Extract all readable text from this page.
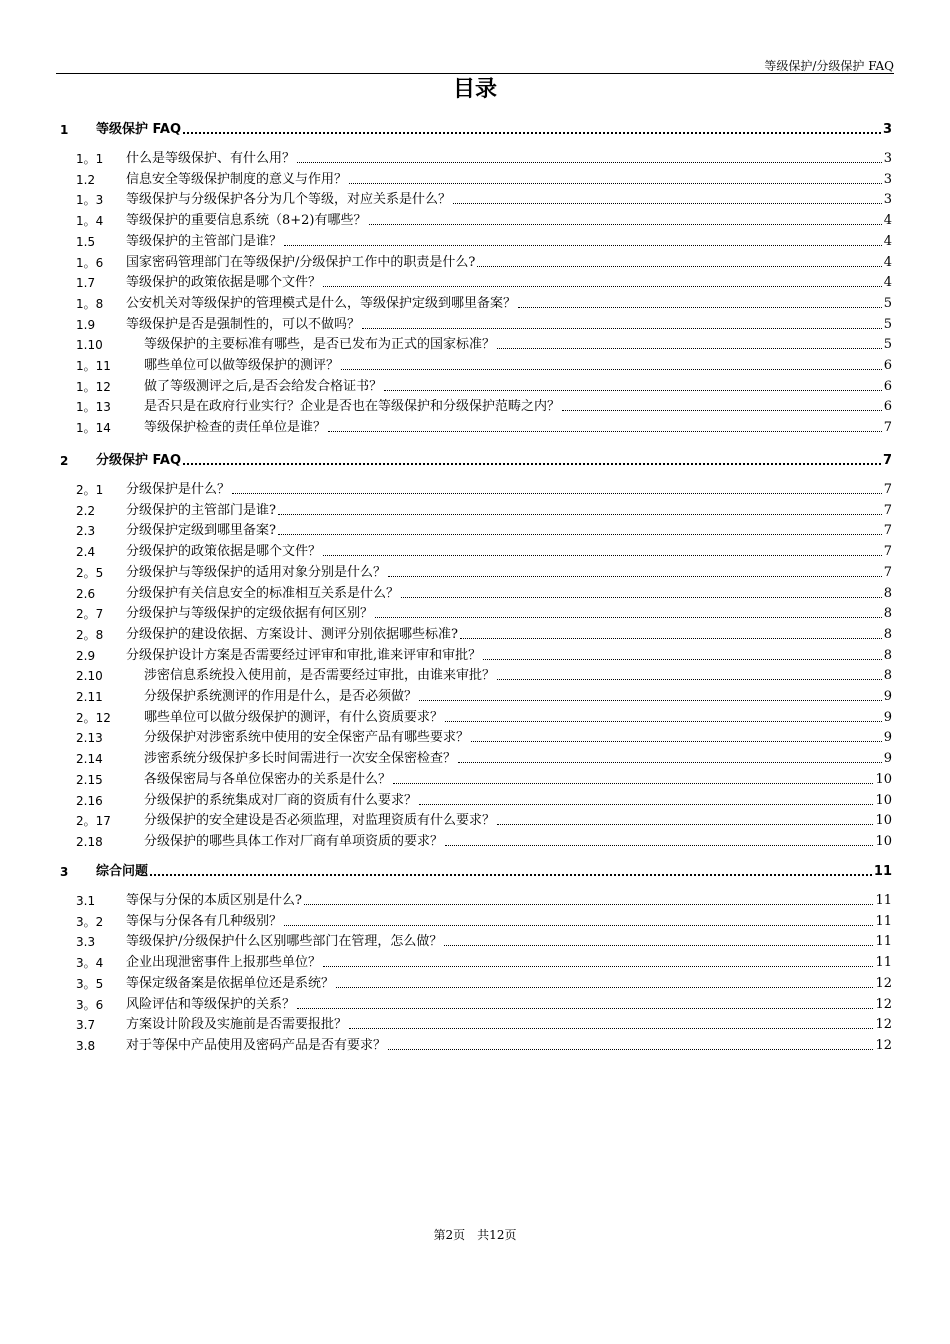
等级保护/分级保护 FAQ
目录
1	等级保护 FAQ	3
1。1	什么是等级保护、有什么用？	3
1.2	信息安全等级保护制度的意义与作用？	3
1。3	等级保护与分级保护各分为几个等级，对应关系是什么？	3
1。4	等级保护的重要信息系统（8+2)有哪些？	4
1.5	等级保护的主管部门是谁？	4
1。6	国家密码管理部门在等级保护/分级保护工作中的职责是什么?	4
1.7	等级保护的政策依据是哪个文件？	4
1。8	公安机关对等级保护的管理模式是什么，等级保护定级到哪里备案？	5
1.9	等级保护是否是强制性的，可以不做吗？	5
1.10	等级保护的主要标准有哪些，是否已发布为正式的国家标准？	5
1。11	哪些单位可以做等级保护的测评？	6
1。12	做了等级测评之后,是否会给发合格证书？	6
1。13	是否只是在政府行业实行？企业是否也在等级保护和分级保护范畴之内？	6
1。14	等级保护检查的责任单位是谁？	7
2	分级保护 FAQ	7
2。1	分级保护是什么？	7
2.2	分级保护的主管部门是谁?	7
2.3	分级保护定级到哪里备案?	7
2.4	分级保护的政策依据是哪个文件？	7
2。5	分级保护与等级保护的适用对象分别是什么？	7
2.6	分级保护有关信息安全的标准相互关系是什么？	8
2。7	分级保护与等级保护的定级依据有何区别？	8
2。8	分级保护的建设依据、方案设计、测评分别依据哪些标准?	8
2.9	分级保护设计方案是否需要经过评审和审批,谁来评审和审批？	8
2.10	涉密信息系统投入使用前，是否需要经过审批，由谁来审批？	8
2.11	分级保护系统测评的作用是什么，是否必须做？	9
2。12	哪些单位可以做分级保护的测评，有什么资质要求？	9
2.13	分级保护对涉密系统中使用的安全保密产品有哪些要求？	9
2.14	涉密系统分级保护多长时间需进行一次安全保密检查？	9
2.15	各级保密局与各单位保密办的关系是什么？	10
2.16	分级保护的系统集成对厂商的资质有什么要求？	10
2。17	分级保护的安全建设是否必须监理，对监理资质有什么要求？	10
2.18	分级保护的哪些具体工作对厂商有单项资质的要求？	10
3	综合问题	11
3.1	等保与分保的本质区别是什么?	11
3。2	等保与分保各有几种级别？	11
3.3	等级保护/分级保护什么区别哪些部门在管理，怎么做？	11
3。4	企业出现泄密事件上报那些单位？	11
3。5	等保定级备案是依据单位还是系统？	12
3。6	风险评估和等级保护的关系？	12
3.7	方案设计阶段及实施前是否需要报批？	12
3.8	对于等保中产品使用及密码产品是否有要求？	12
第2页　共12页
